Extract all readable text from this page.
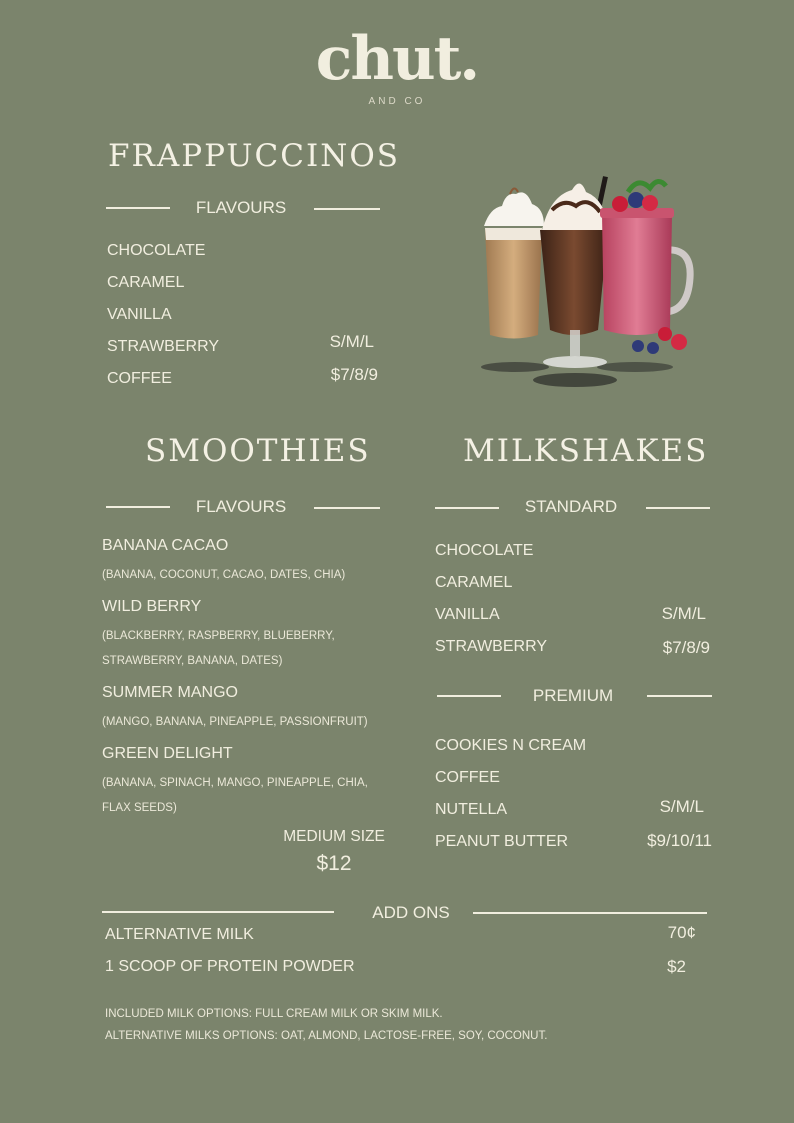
chut.
AND CO
FRAPPUCCINOS
FLAVOURS
CHOCOLATE
CARAMEL
VANILLA
STRAWBERRY
COFFEE
S/M/L
$7/8/9
SMOOTHIES
FLAVOURS
BANANA CACAO
(BANANA, COCONUT, CACAO, DATES, CHIA)
WILD BERRY
(BLACKBERRY, RASPBERRY, BLUEBERRY,
STRAWBERRY, BANANA, DATES)
SUMMER MANGO
(MANGO, BANANA, PINEAPPLE, PASSIONFRUIT)
GREEN DELIGHT
(BANANA, SPINACH, MANGO, PINEAPPLE, CHIA,
FLAX SEEDS)
MEDIUM SIZE
$12
MILKSHAKES
STANDARD
CHOCOLATE
CARAMEL
VANILLA
STRAWBERRY
S/M/L
$7/8/9
PREMIUM
COOKIES N CREAM
COFFEE
NUTELLA
PEANUT BUTTER
S/M/L
$9/10/11
ADD ONS
ALTERNATIVE MILK	70¢
1 SCOOP OF PROTEIN POWDER	$2
INCLUDED MILK OPTIONS: FULL CREAM MILK OR SKIM MILK.
ALTERNATIVE MILKS OPTIONS: OAT, ALMOND, LACTOSE-FREE, SOY, COCONUT.
